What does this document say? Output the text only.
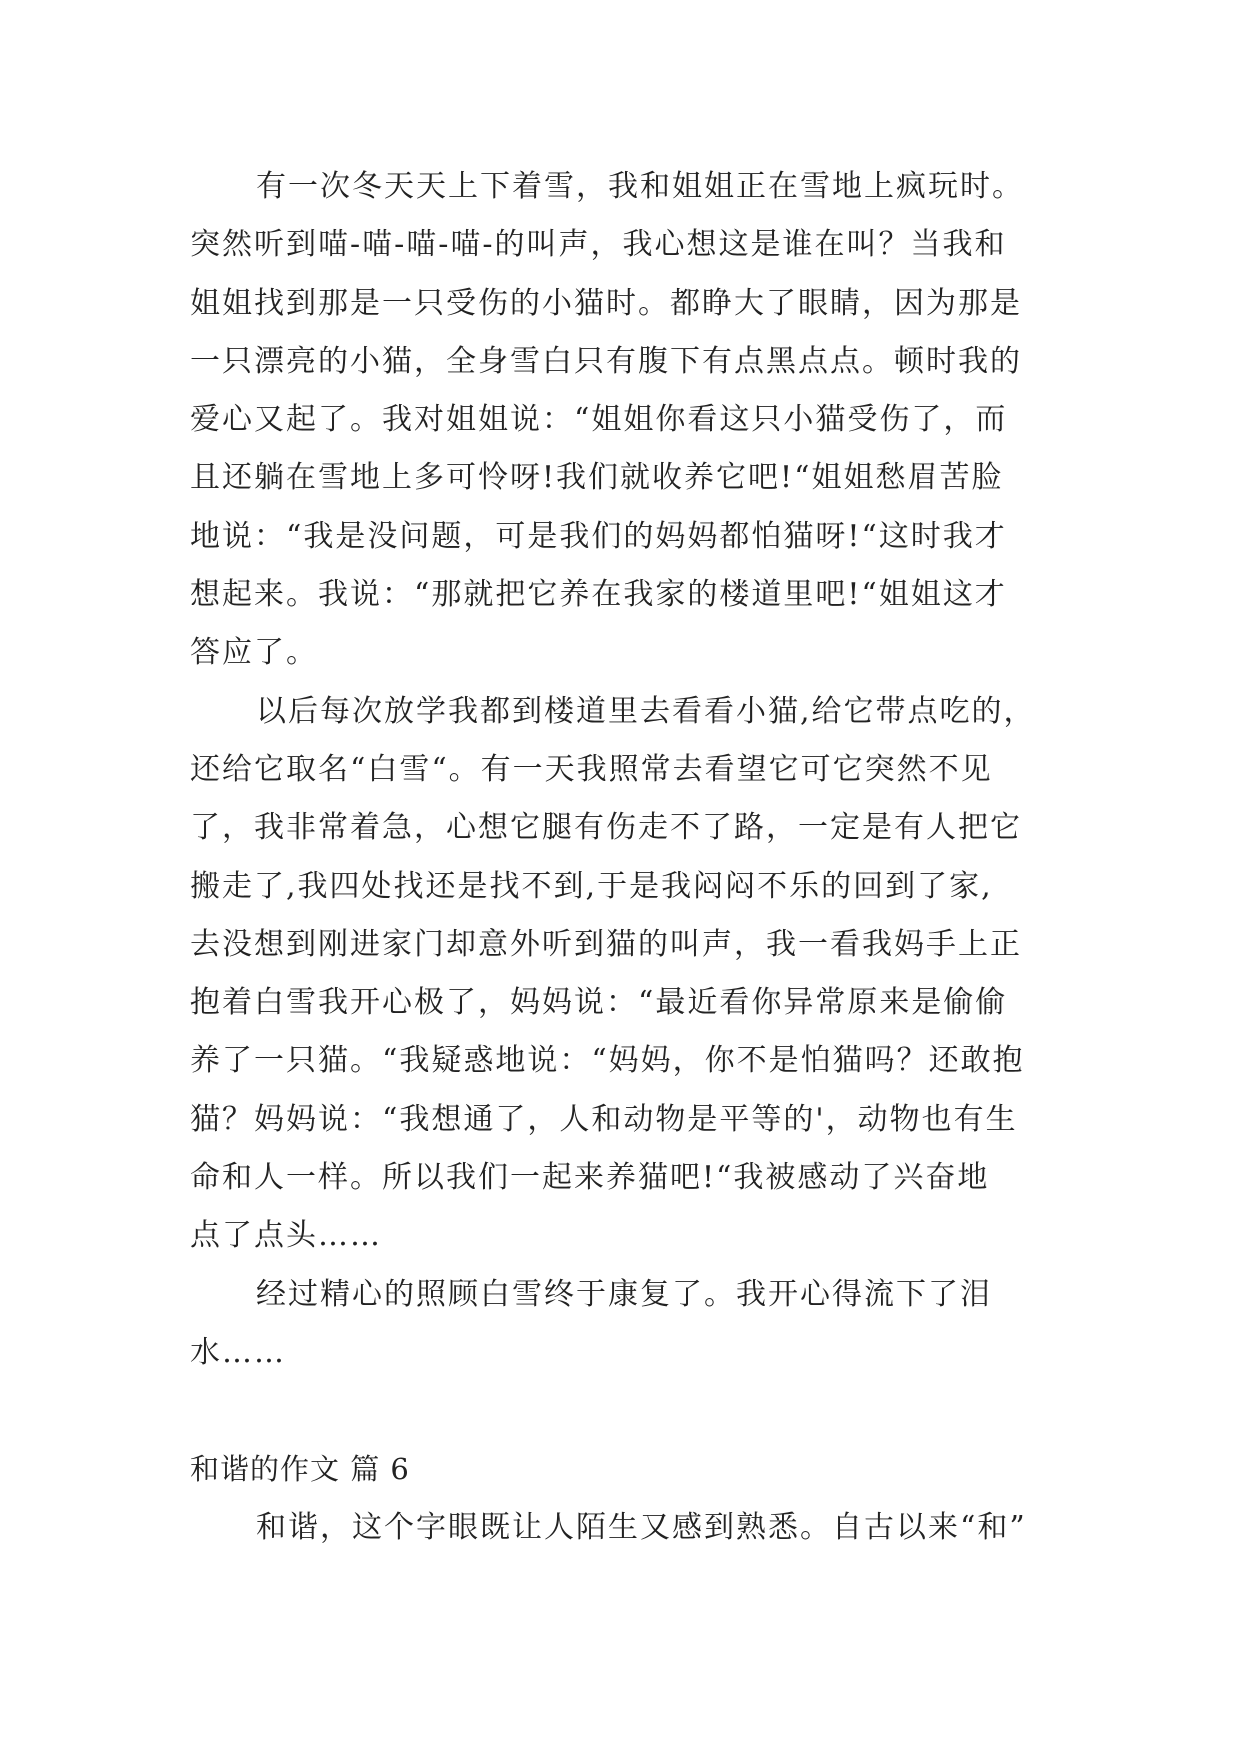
有一次冬天天上下着雪，我和姐姐正在雪地上疯玩时。
突然听到喵-喵-喵-喵-的叫声，我心想这是谁在叫？当我和
姐姐找到那是一只受伤的小猫时。都睁大了眼睛，因为那是
一只漂亮的小猫，全身雪白只有腹下有点黑点点。顿时我的
爱心又起了。我对姐姐说：“姐姐你看这只小猫受伤了，而
且还躺在雪地上多可怜呀!我们就收养它吧!“姐姐愁眉苦脸
地说：“我是没问题，可是我们的妈妈都怕猫呀!“这时我才
想起来。我说：“那就把它养在我家的楼道里吧!“姐姐这才
答应了。
以后每次放学我都到楼道里去看看小猫,给它带点吃的，
还给它取名“白雪“。有一天我照常去看望它可它突然不见
了，我非常着急，心想它腿有伤走不了路，一定是有人把它
搬走了,我四处找还是找不到,于是我闷闷不乐的回到了家,
去没想到刚进家门却意外听到猫的叫声，我一看我妈手上正
抱着白雪我开心极了，妈妈说：“最近看你异常原来是偷偷
养了一只猫。“我疑惑地说：“妈妈，你不是怕猫吗？还敢抱
猫？妈妈说：“我想通了，人和动物是平等的'，动物也有生
命和人一样。所以我们一起来养猫吧!“我被感动了兴奋地
点了点头……
经过精心的照顾白雪终于康复了。我开心得流下了泪
水……
和谐的作文 篇 6
和谐，这个字眼既让人陌生又感到熟悉。自古以来“和”
